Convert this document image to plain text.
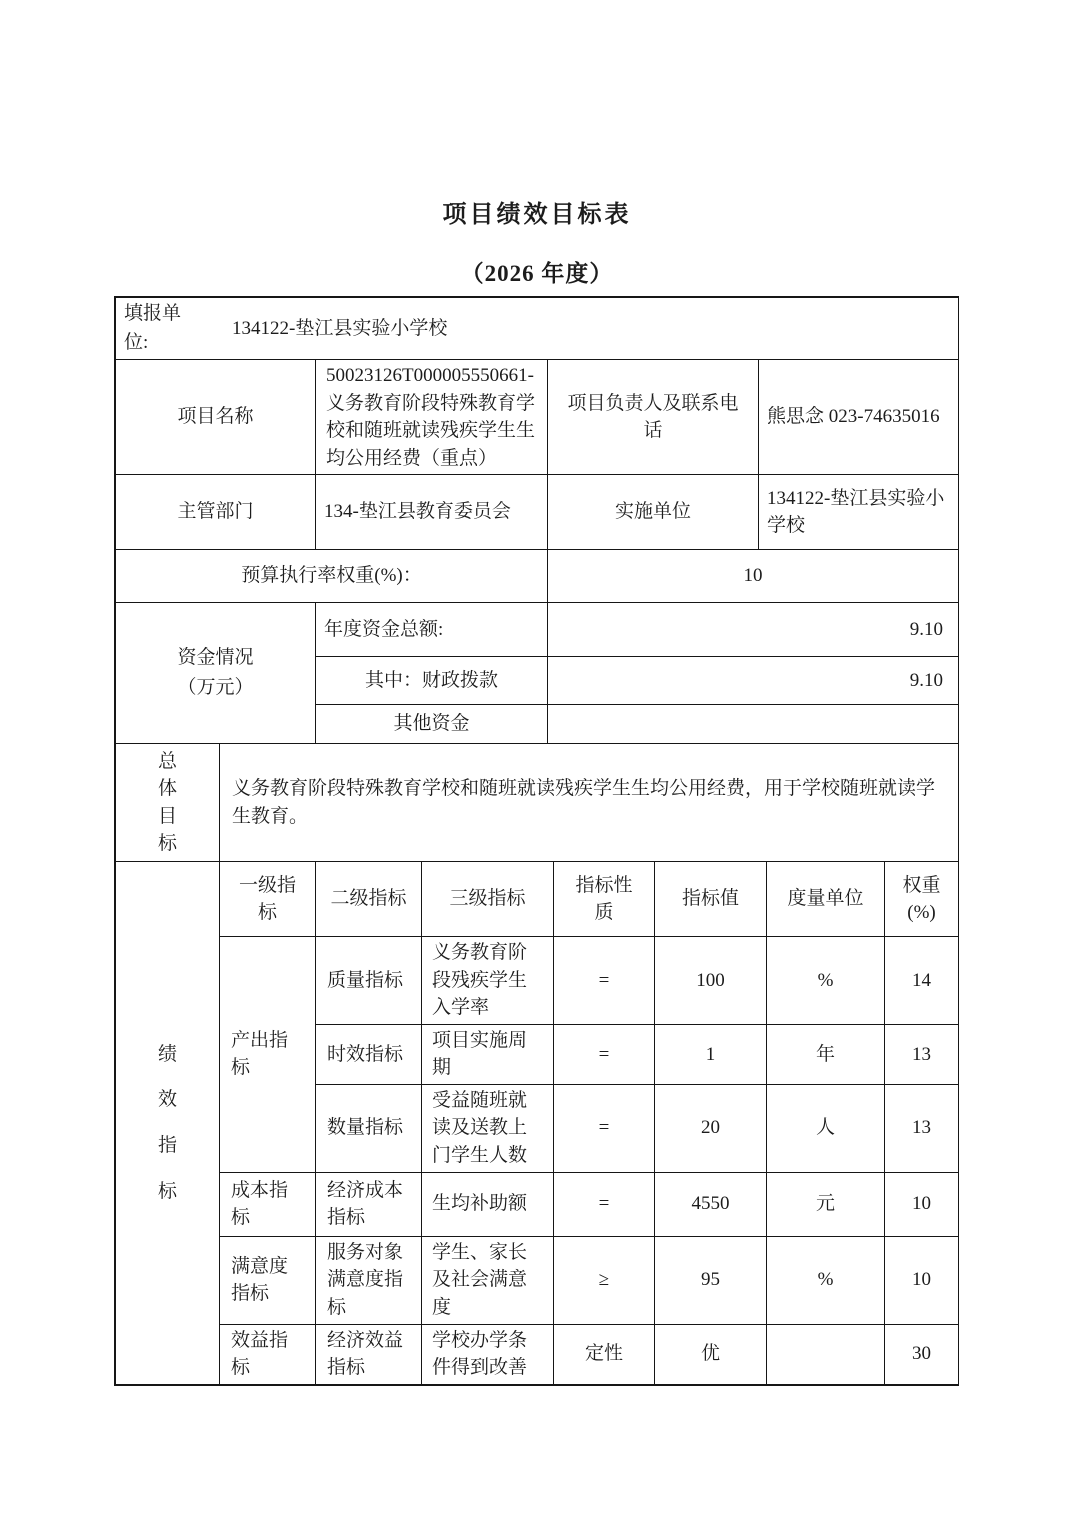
项目绩效目标表
（2026 年度）
填报单位:
134122-垫江县实验小学校			

项目名称	50023126T000005550661-义务教育阶段特殊教育学校和随班就读残疾学生生均公用经费（重点）	项目负责人及联系电话	熊思念 023-74635016
主管部门	134-垫江县教育委员会	实施单位	134122-垫江县实验小学校
预算执行率权重(%)：		10	

资金情况
（万元）	年度资金总额:	9.10	
	其中：财政拨款	9.10	
	其他资金		
总体目标
	义务教育阶段特殊教育学校和随班就读残疾学生生均公用经费，用于学校随班就读学生教育。
绩效指标	一级指标	二级指标	三级指标	指标性质	指标值	度量单位	权重(%)
	产出指标	质量指标	义务教育阶段残疾学生入学率	=	100	%	14
		时效指标	项目实施周期	=	1	年	13
		数量指标	受益随班就读及送教上门学生人数	=	20	人	13
	成本指标	经济成本指标	生均补助额	=	4550	元	10
	满意度指标	服务对象满意度指标	学生、家长及社会满意度	≥	95	%	10
	效益指标	经济效益指标	学校办学条件得到改善	定性	优		30
